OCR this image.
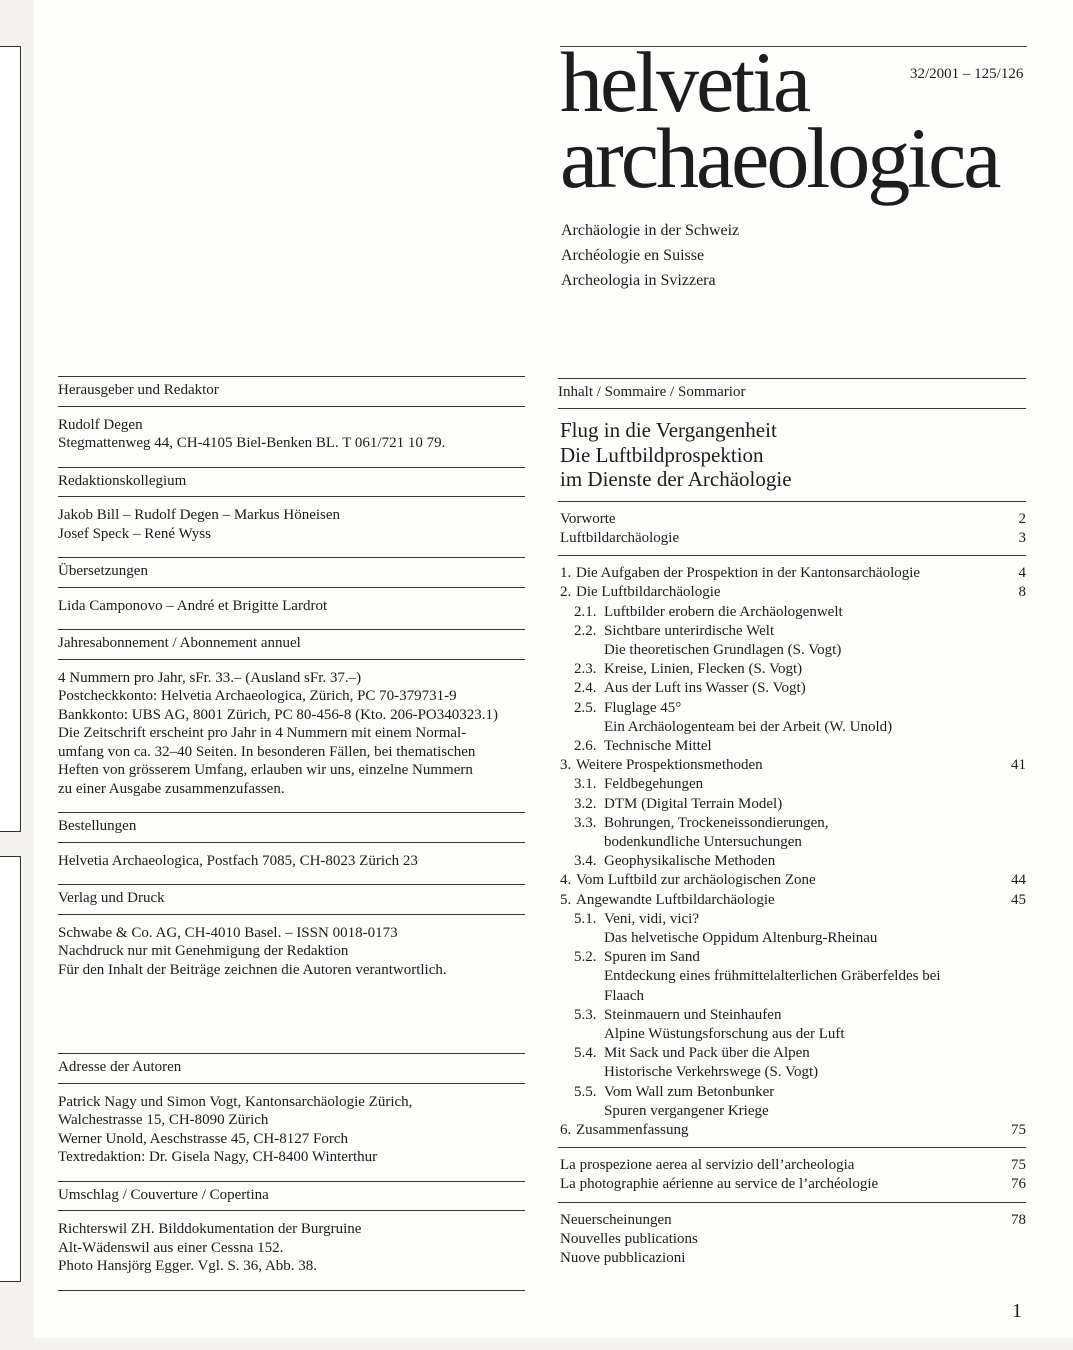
helvetia
archaeologica
32/2001 – 125/126
Archäologie in der Schweiz
Archéologie en Suisse
Archeologia in Svizzera
Herausgeber und Redaktor
Rudolf Degen
Stegmattenweg 44, CH-4105 Biel-Benken BL. T 061/721 10 79.
Redaktionskollegium
Jakob Bill – Rudolf Degen – Markus Höneisen
Josef Speck – René Wyss
Übersetzungen
Lida Camponovo – André et Brigitte Lardrot
Jahresabonnement / Abonnement annuel
4 Nummern pro Jahr, sFr. 33.– (Ausland sFr. 37.–)
Postcheckkonto: Helvetia Archaeologica, Zürich, PC 70-379731-9
Bankkonto: UBS AG, 8001 Zürich, PC 80-456-8 (Kto. 206-PO340323.1)
Die Zeitschrift erscheint pro Jahr in 4 Nummern mit einem Normal-
umfang von ca. 32–40 Seiten. In besonderen Fällen, bei thematischen
Heften von grösserem Umfang, erlauben wir uns, einzelne Nummern
zu einer Ausgabe zusammenzufassen.
Bestellungen
Helvetia Archaeologica, Postfach 7085, CH-8023 Zürich 23
Verlag und Druck
Schwabe & Co. AG, CH-4010 Basel. – ISSN 0018-0173
Nachdruck nur mit Genehmigung der Redaktion
Für den Inhalt der Beiträge zeichnen die Autoren verantwortlich.
Adresse der Autoren
Patrick Nagy und Simon Vogt, Kantonsarchäologie Zürich,
Walchestrasse 15, CH-8090 Zürich
Werner Unold, Aeschstrasse 45, CH-8127 Forch
Textredaktion: Dr. Gisela Nagy, CH-8400 Winterthur
Umschlag / Couverture / Copertina
Richterswil ZH. Bilddokumentation der Burgruine
Alt-Wädenswil aus einer Cessna 152.
Photo Hansjörg Egger. Vgl. S. 36, Abb. 38.
Inhalt / Sommaire / Sommarior
Flug in die Vergangenheit
Die Luftbildprospektion
im Dienste der Archäologie
Vorworte	2
Luftbildarchäologie	3
1. Die Aufgaben der Prospektion in der Kantonsarchäologie	4
2. Die Luftbildarchäologie	8
2.1. Luftbilder erobern die Archäologenwelt
2.2. Sichtbare unterirdische Welt
Die theoretischen Grundlagen (S. Vogt)
2.3. Kreise, Linien, Flecken (S. Vogt)
2.4. Aus der Luft ins Wasser (S. Vogt)
2.5. Fluglage 45°
Ein Archäologenteam bei der Arbeit (W. Unold)
2.6. Technische Mittel
3. Weitere Prospektionsmethoden	41
3.1. Feldbegehungen
3.2. DTM (Digital Terrain Model)
3.3. Bohrungen, Trockeneissondierungen,
bodenkundliche Untersuchungen
3.4. Geophysikalische Methoden
4. Vom Luftbild zur archäologischen Zone	44
5. Angewandte Luftbildarchäologie	45
5.1. Veni, vidi, vici?
Das helvetische Oppidum Altenburg-Rheinau
5.2. Spuren im Sand
Entdeckung eines frühmittelalterlichen Gräberfeldes bei
Flaach
5.3. Steinmauern und Steinhaufen
Alpine Wüstungsforschung aus der Luft
5.4. Mit Sack und Pack über die Alpen
Historische Verkehrswege (S. Vogt)
5.5. Vom Wall zum Betonbunker
Spuren vergangener Kriege
6. Zusammenfassung	75
La prospezione aerea al servizio dell’archeologia	75
La photographie aérienne au service de l’archéologie	76
Neuerscheinungen	78
Nouvelles publications
Nuove pubblicazioni
1
